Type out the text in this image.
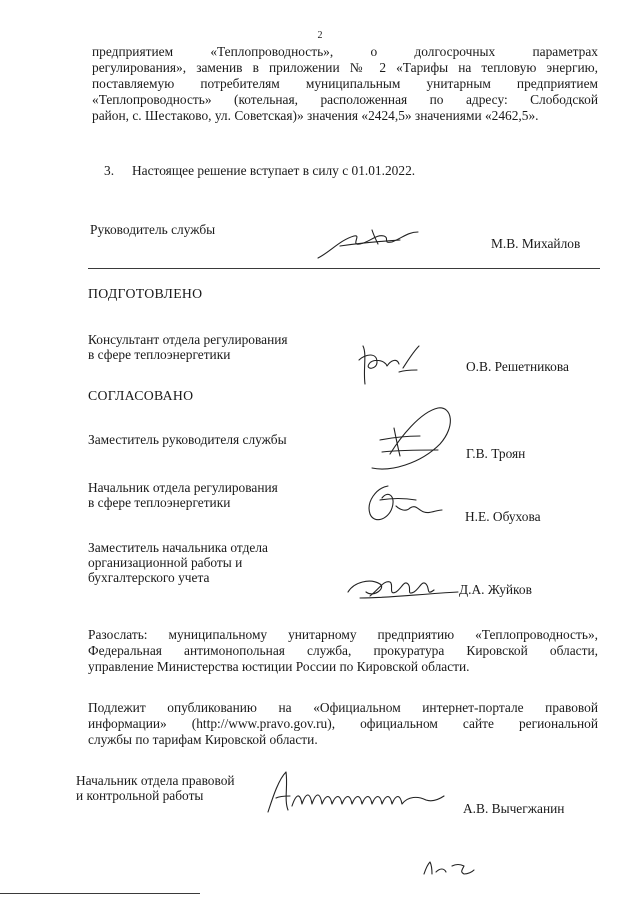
2
предприятием «Теплопроводность», о долгосрочных параметрах
регулирования», заменив в приложении № 2 «Тарифы на тепловую энергию,
поставляемую потребителям муниципальным унитарным предприятием
«Теплопроводность» (котельная, расположенная по адресу: Слободской
район, с. Шестаково, ул. Советская)» значения «2424,5» значениями «2462,5».
3. Настоящее решение вступает в силу с 01.01.2022.
Руководитель службы
М.В. Михайлов
ПОДГОТОВЛЕНО
Консультант отдела регулирования
в сфере теплоэнергетики
О.В. Решетникова
СОГЛАСОВАНО
Заместитель руководителя службы
Г.В. Троян
Начальник отдела регулирования
в сфере теплоэнергетики
Н.Е. Обухова
Заместитель начальника отдела
организационной работы и
бухгалтерского учета
Д.А. Жуйков
Разослать: муниципальному унитарному предприятию «Теплопроводность»,
Федеральная антимонопольная служба, прокуратура Кировской области,
управление Министерства юстиции России по Кировской области.
Подлежит опубликованию на «Официальном интернет-портале правовой
информации» (http://www.pravo.gov.ru), официальном сайте региональной
службы по тарифам Кировской области.
Начальник отдела правовой
и контрольной работы
А.В. Вычегжанин
